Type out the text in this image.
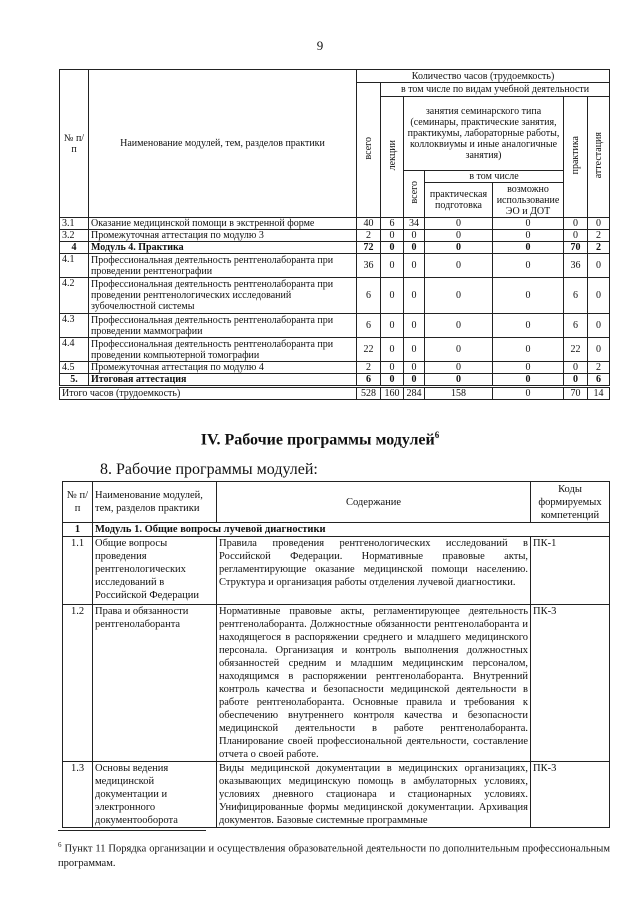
9
№ п/п	Наименование модулей, тем, разделов практики	Количество часов (трудоемкость)						
		всего	в том числе по видам учебной деятельности					
			лекции	занятия семинарского типа (семинары, практические занятия, практикумы, лабораторные работы, коллоквиумы и иные аналогичные занятия)			практика	аттестация
				всего	в том числе			
					практическая подготовка	возможно использование ЭО и ДОТ		
3.1	Оказание медицинской помощи в экстренной форме	40	6	34	0	0	0	0
3.2	Промежуточная аттестация по модулю 3	2	0	0	0	0	0	2
4	Модуль 4. Практика	72	0	0	0	0	70	2
4.1	Профессиональная деятельность рентгенолаборанта при проведении рентгенографии	36	0	0	0	0	36	0
4.2	Профессиональная деятельность рентгенолаборанта при проведении рентгенологических исследований зубочелюстной системы	6	0	0	0	0	6	0
4.3	Профессиональная деятельность рентгенолаборанта при проведении маммографии	6	0	0	0	0	6	0
4.4	Профессиональная деятельность рентгенолаборанта при проведении компьютерной томографии	22	0	0	0	0	22	0
4.5	Промежуточная аттестация по модулю 4	2	0	0	0	0	0	2
5.	Итоговая аттестация	6	0	0	0	0	0	6
Итого часов (трудоемкость)		528	160	284	158	0	70	14
IV. Рабочие программы модулей$^6$
8. Рабочие программы модулей:
№ п/п	Наименование модулей, тем, разделов практики	Содержание	Коды формируемых компетенций
1	Модуль 1. Общие вопросы лучевой диагностики		
1.1	Общие вопросы проведения рентгенологических исследований в Российской Федерации	Правила проведения рентгенологических исследований в Российской Федерации. Нормативные правовые акты, регламентирующие оказание медицинской помощи населению. Структура и организация работы отделения лучевой диагностики.	ПК-1
1.2	Права и обязанности рентгенолаборанта	Нормативные правовые акты, регламентирующее деятельность рентгенолаборанта. Должностные обязанности рентгенолаборанта и находящегося в распоряжении среднего и младшего медицинского персонала. Организация и контроль выполнения должностных обязанностей средним и младшим медицинским персоналом, находящимся в распоряжении рентгенолаборанта. Внутренний контроль качества и безопасности медицинской деятельности в работе рентгенолаборанта. Основные правила и требования к обеспечению внутреннего контроля качества и безопасности медицинской деятельности в работе рентгенолаборанта. Планирование своей профессиональной деятельности, составление отчета о своей работе.	ПК-3
1.3	Основы ведения медицинской документации и электронного документооборота	Виды медицинской документации в медицинских организациях, оказывающих медицинскую помощь в амбулаторных условиях, условиях дневного стационара и стационарных условиях. Унифицированные формы медицинской документации. Архивация документов. Базовые системные программные	ПК-3
$^6$ Пункт 11 Порядка организации и осуществления образовательной деятельности по дополнительным профессиональным программам.
